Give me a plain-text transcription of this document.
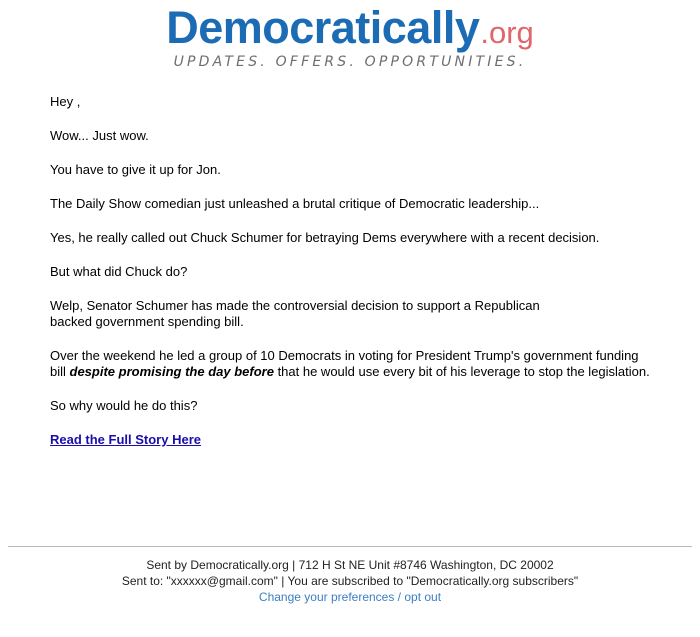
Democratically.org
UPDATES. OFFERS. OPPORTUNITIES.

Hey ,

Wow... Just wow.

You have to give it up for Jon.

The Daily Show comedian just unleashed a brutal critique of Democratic leadership...

Yes, he really called out Chuck Schumer for betraying Dems everywhere with a recent decision.

But what did Chuck do?

Welp, Senator Schumer has made the controversial decision to support a Republican
backed government spending bill.

Over the weekend he led a group of 10 Democrats in voting for President Trump's government funding bill despite promising the day before that he would use every bit of his leverage to stop the legislation.

So why would he do this?

Read the Full Story Here

Sent by Democratically.org | 712 H St NE Unit #8746 Washington, DC 20002
Sent to: "xxxxxx@gmail.com" | You are subscribed to "Democratically.org subscribers"
Change your preferences / opt out
